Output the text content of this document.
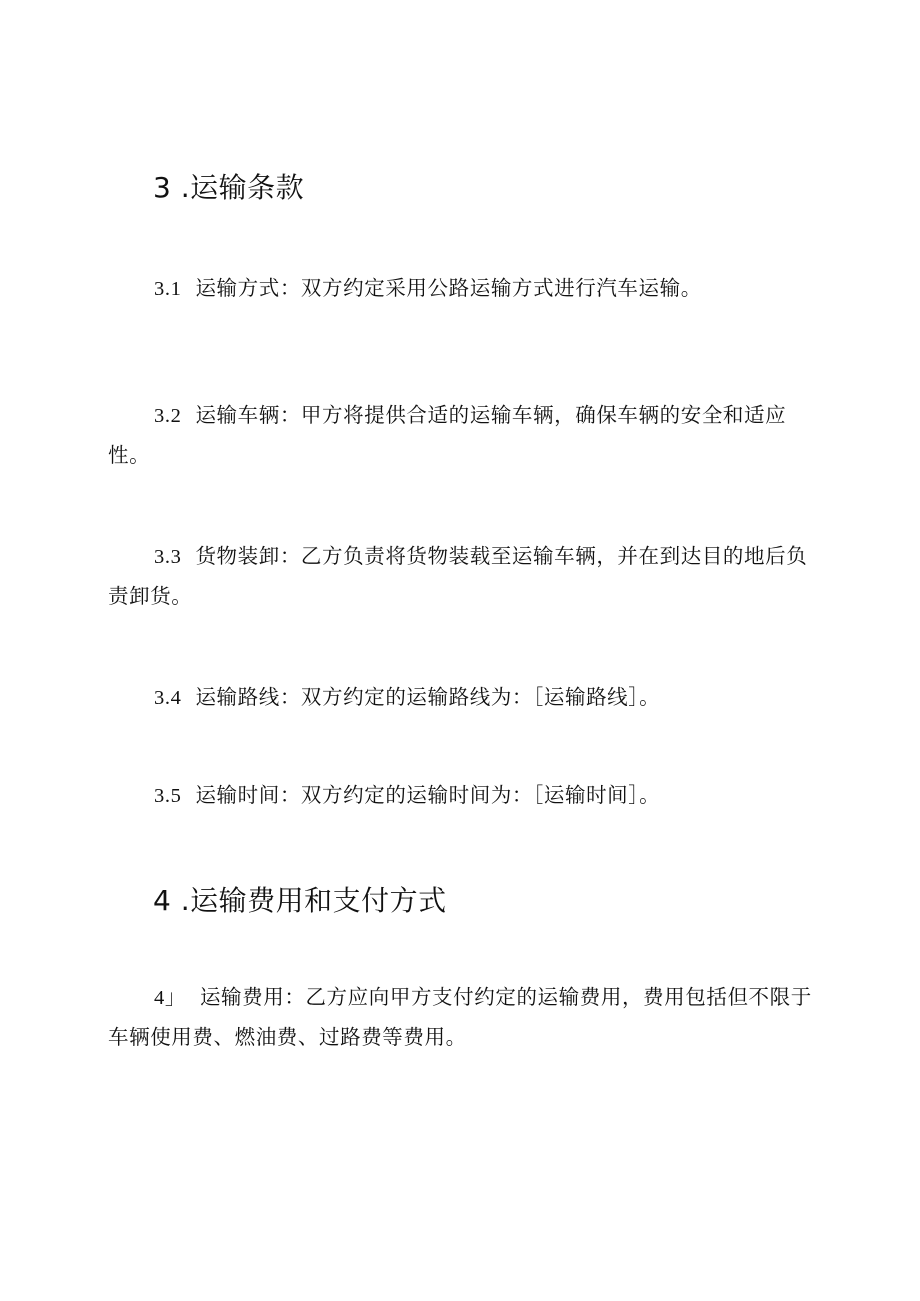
3 .运输条款

3.1 运输方式：双方约定采用公路运输方式进行汽车运输。

3.2 运输车辆：甲方将提供合适的运输车辆，确保车辆的安全和适应性。

3.3 货物装卸：乙方负责将货物装载至运输车辆，并在到达目的地后负责卸货。

3.4 运输路线：双方约定的运输路线为：［运输路线］。

3.5 运输时间：双方约定的运输时间为：［运输时间］。

4 .运输费用和支付方式

4」 运输费用：乙方应向甲方支付约定的运输费用，费用包括但不限于车辆使用费、燃油费、过路费等费用。
